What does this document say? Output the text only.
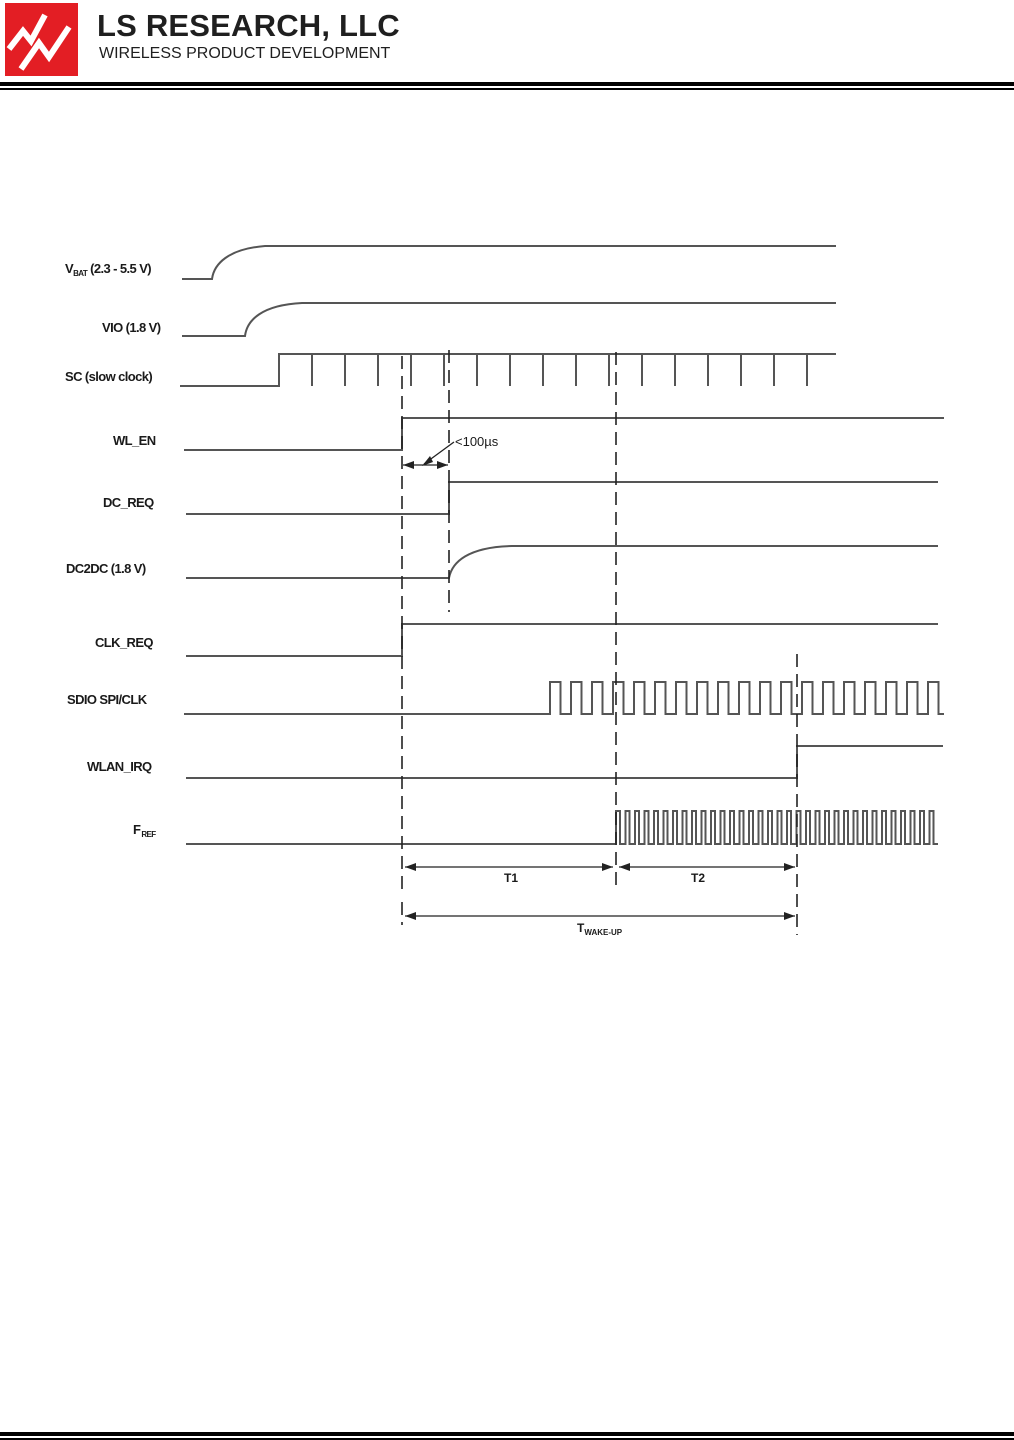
LS RESEARCH, LLC
WIRELESS PRODUCT DEVELOPMENT
$V_{BAT}$ (2.3 - 5.5 V)
VIO (1.8 V)
SC (slow clock)
WL_EN
DC_REQ
DC2DC (1.8 V)
CLK_REQ
SDIO SPI/CLK
WLAN_IRQ
$F_{REF}$
<100µs
T1	T2
$T_{WAKE-UP}$
